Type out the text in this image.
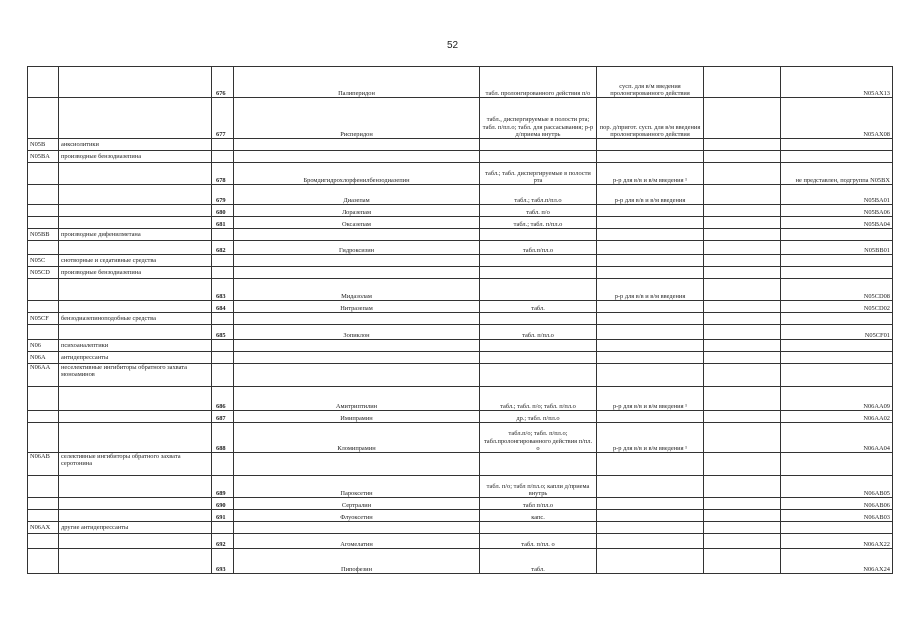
52
		676	Палиперидон	табл. пролонгированного действия п/о	сусп. для в/м введения пролонгированного действия		N05AX13
		677	Рисперидон	табл., диспергируемые в полости рта; табл. п/пл.о; табл. для рассасывания; р-р д/приема внутрь	пор. д/пригот. сусп. для в/м введения пролонгированного действия		N05AX08
N05B	анксиолитики						
N05BA	производные бензодиазепина						
		678	Бромдигидрохлорфенилбензодиазепин	табл.; табл. диспергируемые в полости рта	р-р для в/в и в/м введения ¹		не представлен, подгруппа N05BX
		679	Диазепам	табл.; табл.п/пл.о	р-р для в/в и в/м введения		N05BA01
		680	Лоразепам	табл. п/о			N05BA06
		681	Оксазепам	табл.; табл. п/пл.о			N05BA04
N05BB	производные дифенилметана						
		682	Гидроксизин	табл.п/пл.о			N05BB01
N05C	снотворные и седативные средства						
N05CD	производные бензодиазепина						
		683	Мидазолам		р-р для в/в и в/м введения		N05CD08
		684	Нитразепам	табл.			N05CD02
N05CF	бензодиазепиноподобные средства						
		685	Зопиклон	табл. п/пл.о			N05CF01
N06	психоаналептики						
N06A	антидепрессанты						
N06AA	неселективные ингибиторы обратного захвата моноаминов						
		686	Амитриптилин	табл.; табл. п/о; табл. п/пл.о	р-р для в/в и в/м введения ¹		N06AA09
		687	Имипрамин	др.; табл. п/пл.о			N06AA02
		688	Кломипрамин	табл.п/о; табл. п/пл.о; табл.пролонгированного действия п/пл. о	р-р для в/в и в/м введения ¹		N06AA04
N06AB	селективные ингибиторы обратного захвата серотонина						
		689	Пароксетин	табл. п/о; табл п/пл.о; капли д/приема внутрь			N06AB05
		690	Сертралин	табл п/пл.о			N06AB06
		691	Флуоксетин	капс.			N06AB03
N06AX	другие антидепрессанты						
		692	Агомелатин	табл. п/пл. о			N06AX22
		693	Пипофезин	табл.			N06AX24
